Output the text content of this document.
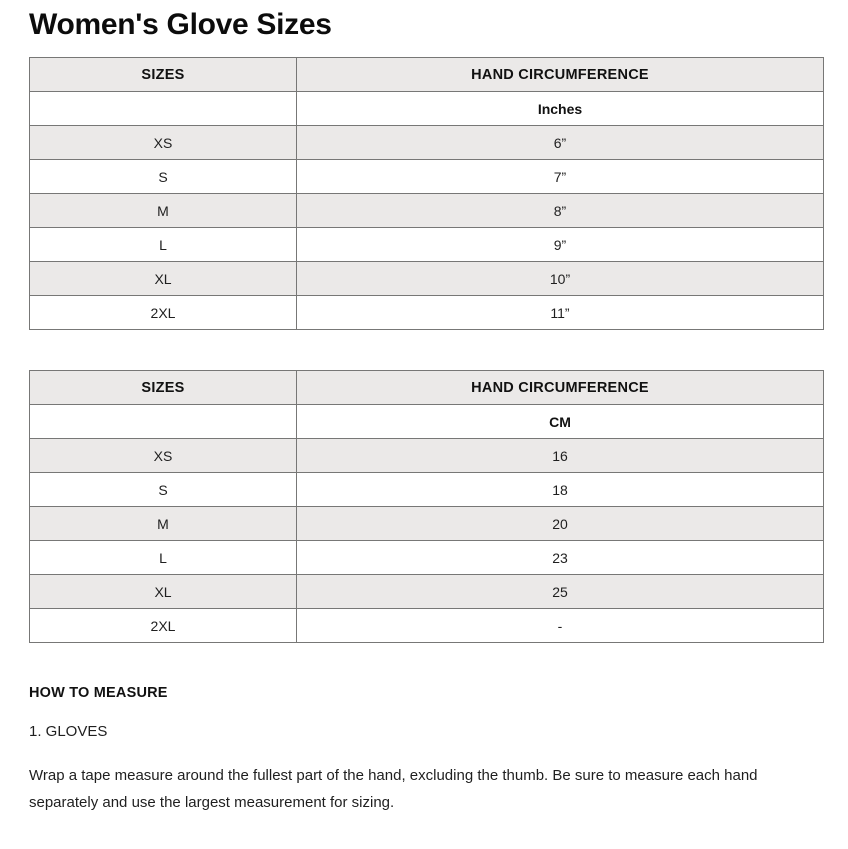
Women's Glove Sizes
SIZES	HAND CIRCUMFERENCE
	Inches
XS	6”
S	7”
M	8”
L	9”
XL	10”
2XL	11”
SIZES	HAND CIRCUMFERENCE
	CM
XS	16
S	18
M	20
L	23
XL	25
2XL	-

HOW TO MEASURE

1. GLOVES

Wrap a tape measure around the fullest part of the hand, excluding the thumb. Be sure to measure each hand separately and use the largest measurement for sizing.
